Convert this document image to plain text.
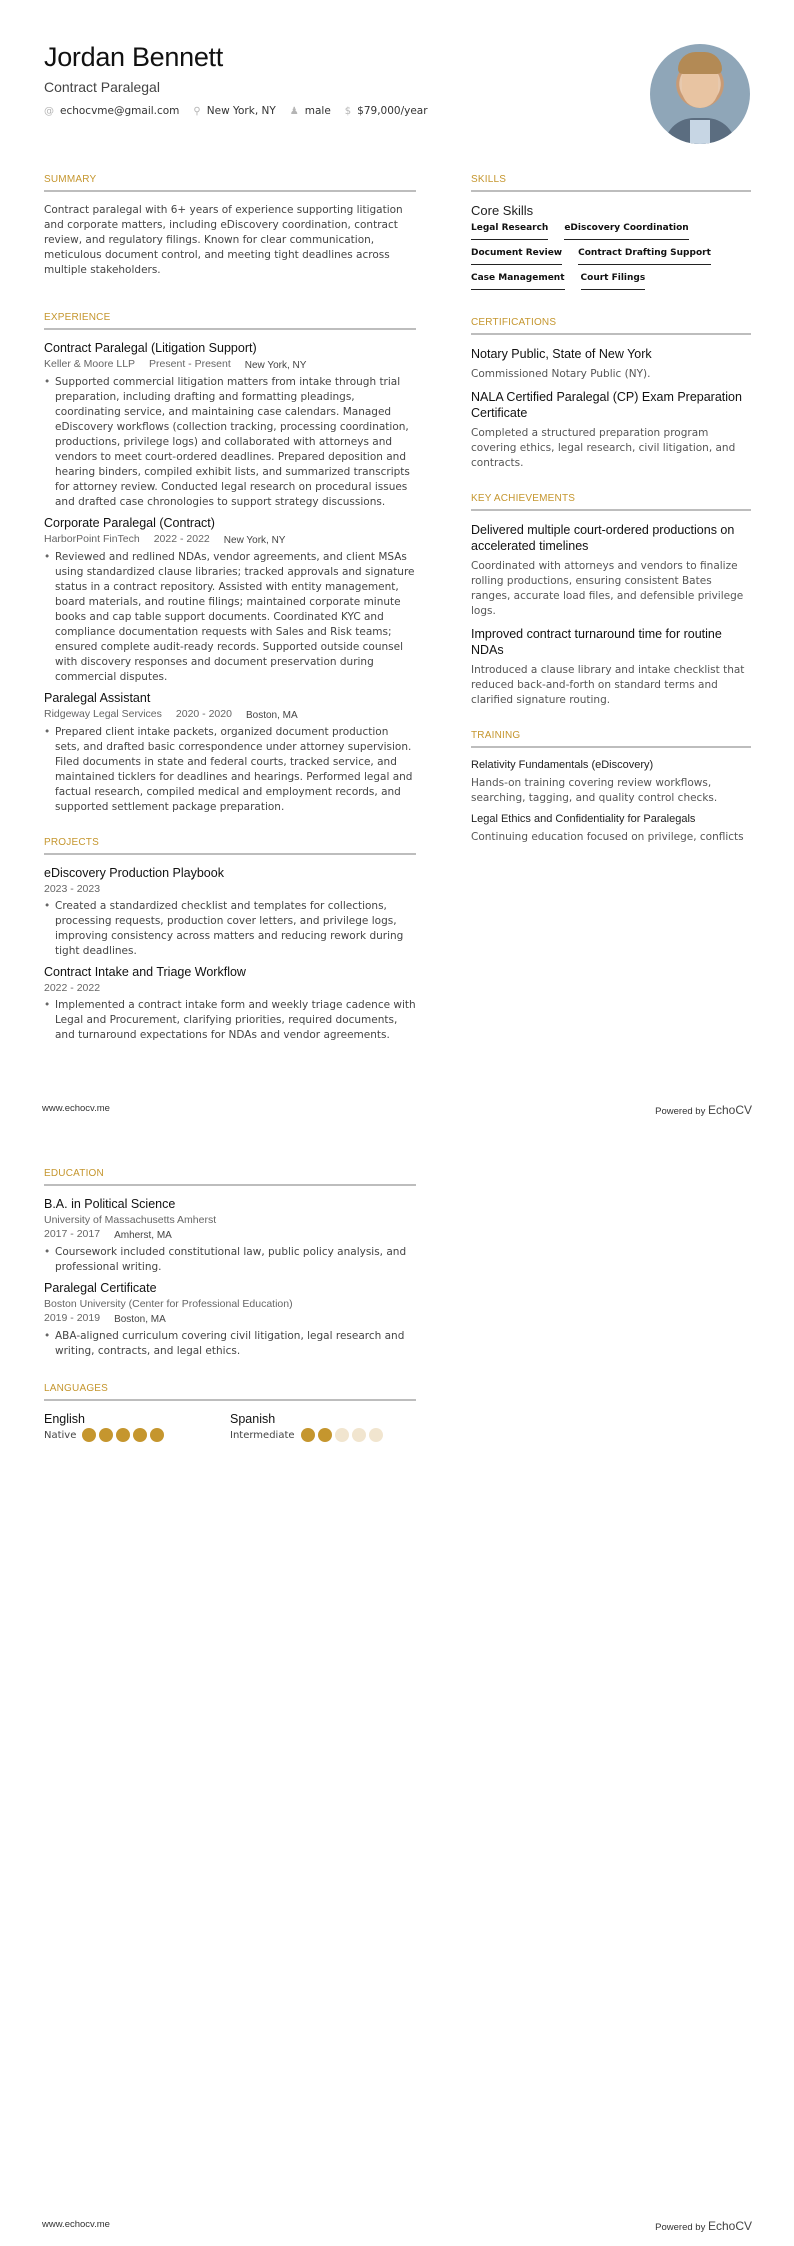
Jordan Bennett
Contract Paralegal
@ echocvme@gmail.com ⚲ New York, NY ♟ male $ $79,000/year
SUMMARY
Contract paralegal with 6+ years of experience supporting litigation and corporate matters, including eDiscovery coordination, contract review, and regulatory filings. Known for clear communication, meticulous document control, and meeting tight deadlines across multiple stakeholders.
EXPERIENCE
Contract Paralegal (Litigation Support)
Keller & Moore LLP Present - Present New York, NY
• Supported commercial litigation matters from intake through trial preparation, including drafting and formatting pleadings, coordinating service, and maintaining case calendars. Managed eDiscovery workflows (collection tracking, processing coordination, productions, privilege logs) and collaborated with attorneys and vendors to meet court-ordered deadlines. Prepared deposition and hearing binders, compiled exhibit lists, and summarized transcripts for attorney review. Conducted legal research on procedural issues and drafted case chronologies to support strategy discussions.
Corporate Paralegal (Contract)
HarborPoint FinTech 2022 - 2022 New York, NY
• Reviewed and redlined NDAs, vendor agreements, and client MSAs using standardized clause libraries; tracked approvals and signature status in a contract repository. Assisted with entity management, board materials, and routine filings; maintained corporate minute books and cap table support documents. Coordinated KYC and compliance documentation requests with Sales and Risk teams; ensured complete audit-ready records. Supported outside counsel with discovery responses and document preservation during commercial disputes.
Paralegal Assistant
Ridgeway Legal Services 2020 - 2020 Boston, MA
• Prepared client intake packets, organized document production sets, and drafted basic correspondence under attorney supervision. Filed documents in state and federal courts, tracked service, and maintained ticklers for deadlines and hearings. Performed legal and factual research, compiled medical and employment records, and supported settlement package preparation.
PROJECTS
eDiscovery Production Playbook
2023 - 2023
• Created a standardized checklist and templates for collections, processing requests, production cover letters, and privilege logs, improving consistency across matters and reducing rework during tight deadlines.
Contract Intake and Triage Workflow
2022 - 2022
• Implemented a contract intake form and weekly triage cadence with Legal and Procurement, clarifying priorities, required documents, and turnaround expectations for NDAs and vendor agreements.
SKILLS
Core Skills
Legal Research eDiscovery Coordination
Document Review Contract Drafting Support
Case Management Court Filings
CERTIFICATIONS
Notary Public, State of New York
Commissioned Notary Public (NY).
NALA Certified Paralegal (CP) Exam Preparation Certificate
Completed a structured preparation program covering ethics, legal research, civil litigation, and contracts.
KEY ACHIEVEMENTS
Delivered multiple court-ordered productions on accelerated timelines
Coordinated with attorneys and vendors to finalize rolling productions, ensuring consistent Bates ranges, accurate load files, and defensible privilege logs.
Improved contract turnaround time for routine NDAs
Introduced a clause library and intake checklist that reduced back-and-forth on standard terms and clarified signature routing.
TRAINING
Relativity Fundamentals (eDiscovery)
Hands-on training covering review workflows, searching, tagging, and quality control checks.
Legal Ethics and Confidentiality for Paralegals
Continuing education focused on privilege, conflicts
www.echocv.me	Powered by EchoCV
EDUCATION
B.A. in Political Science
University of Massachusetts Amherst
2017 - 2017 Amherst, MA
• Coursework included constitutional law, public policy analysis, and professional writing.
Paralegal Certificate
Boston University (Center for Professional Education)
2019 - 2019 Boston, MA
• ABA-aligned curriculum covering civil litigation, legal research and writing, contracts, and legal ethics.
LANGUAGES
English
Native
Spanish
Intermediate
www.echocv.me	Powered by EchoCV
